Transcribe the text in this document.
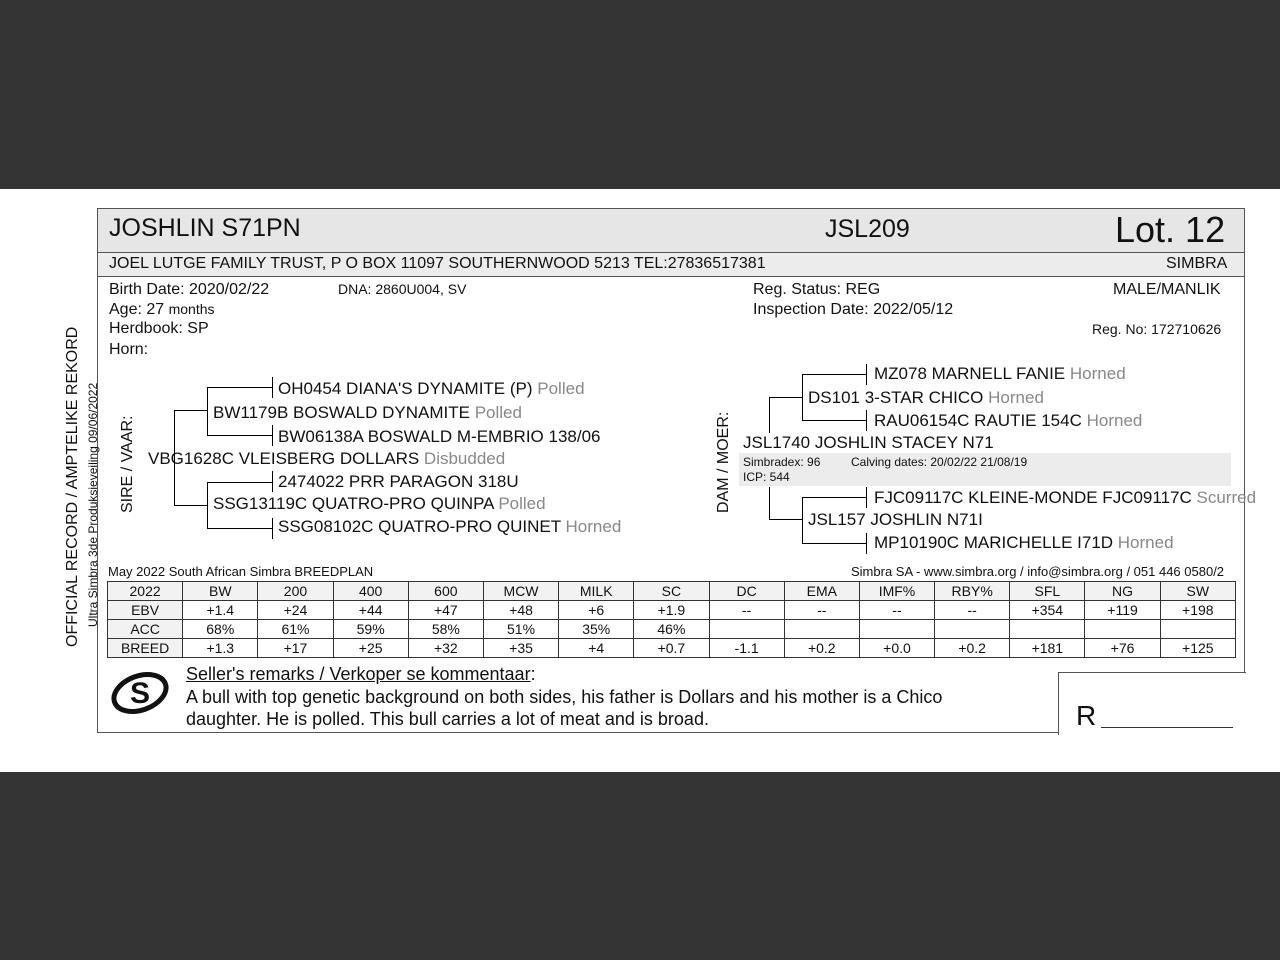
JOSHLIN S71PN	JSL209	Lot. 12
JOEL LUTGE FAMILY TRUST, P O BOX 11097 SOUTHERNWOOD 5213 TEL:27836517381	SIMBRA
Birth Date: 2020/02/22	DNA: 2860U004, SV
Age: 27 months
Herdbook: SP
Horn:
Reg. Status: REG
Inspection Date: 2022/05/12
MALE/MANLIK
Reg. No: 172710626
OFFICIAL RECORD / AMPTELIKE REKORD Ultra Simbra 3de Produksieveiling 09/06/2022 SIRE / VAAR:	DAM / MOER:
OH0454 DIANA'S DYNAMITE (P) Polled
BW1179B BOSWALD DYNAMITE Polled
BW06138A BOSWALD M-EMBRIO 138/06
VBG1628C VLEISBERG DOLLARS Disbudded
2474022 PRR PARAGON 318U
SSG13119C QUATRO-PRO QUINPA Polled
SSG08102C QUATRO-PRO QUINET Horned
MZ078 MARNELL FANIE Horned
DS101 3-STAR CHICO Horned
RAU06154C RAUTIE 154C Horned
JSL1740 JOSHLIN STACEY N71
Simbradex: 96	Calving dates: 20/02/22 21/08/19
ICP: 544
FJC09117C KLEINE-MONDE FJC09117C Scurred
JSL157 JOSHLIN N71I
MP10190C MARICHELLE I71D Horned
May 2022 South African Simbra BREEDPLAN	Simbra SA - www.simbra.org / info@simbra.org / 051 446 0580/2
2022	BW	200	400	600	MCW	MILK	SC	DC	EMA	IMF%	RBY%	SFL	NG	SW
EBV	+1.4	+24	+44	+47	+48	+6	+1.9	--	--	--	--	+354	+119	+198
ACC	68%	61%	59%	58%	51%	35%	46%							
BREED	+1.3	+17	+25	+32	+35	+4	+0.7	-1.1	+0.2	+0.0	+0.2	+181	+76	+125
S
Seller's remarks / Verkoper se kommentaar:
A bull with top genetic background on both sides, his father is Dollars and his mother is a Chico
daughter. He is polled. This bull carries a lot of meat and is broad.	R
